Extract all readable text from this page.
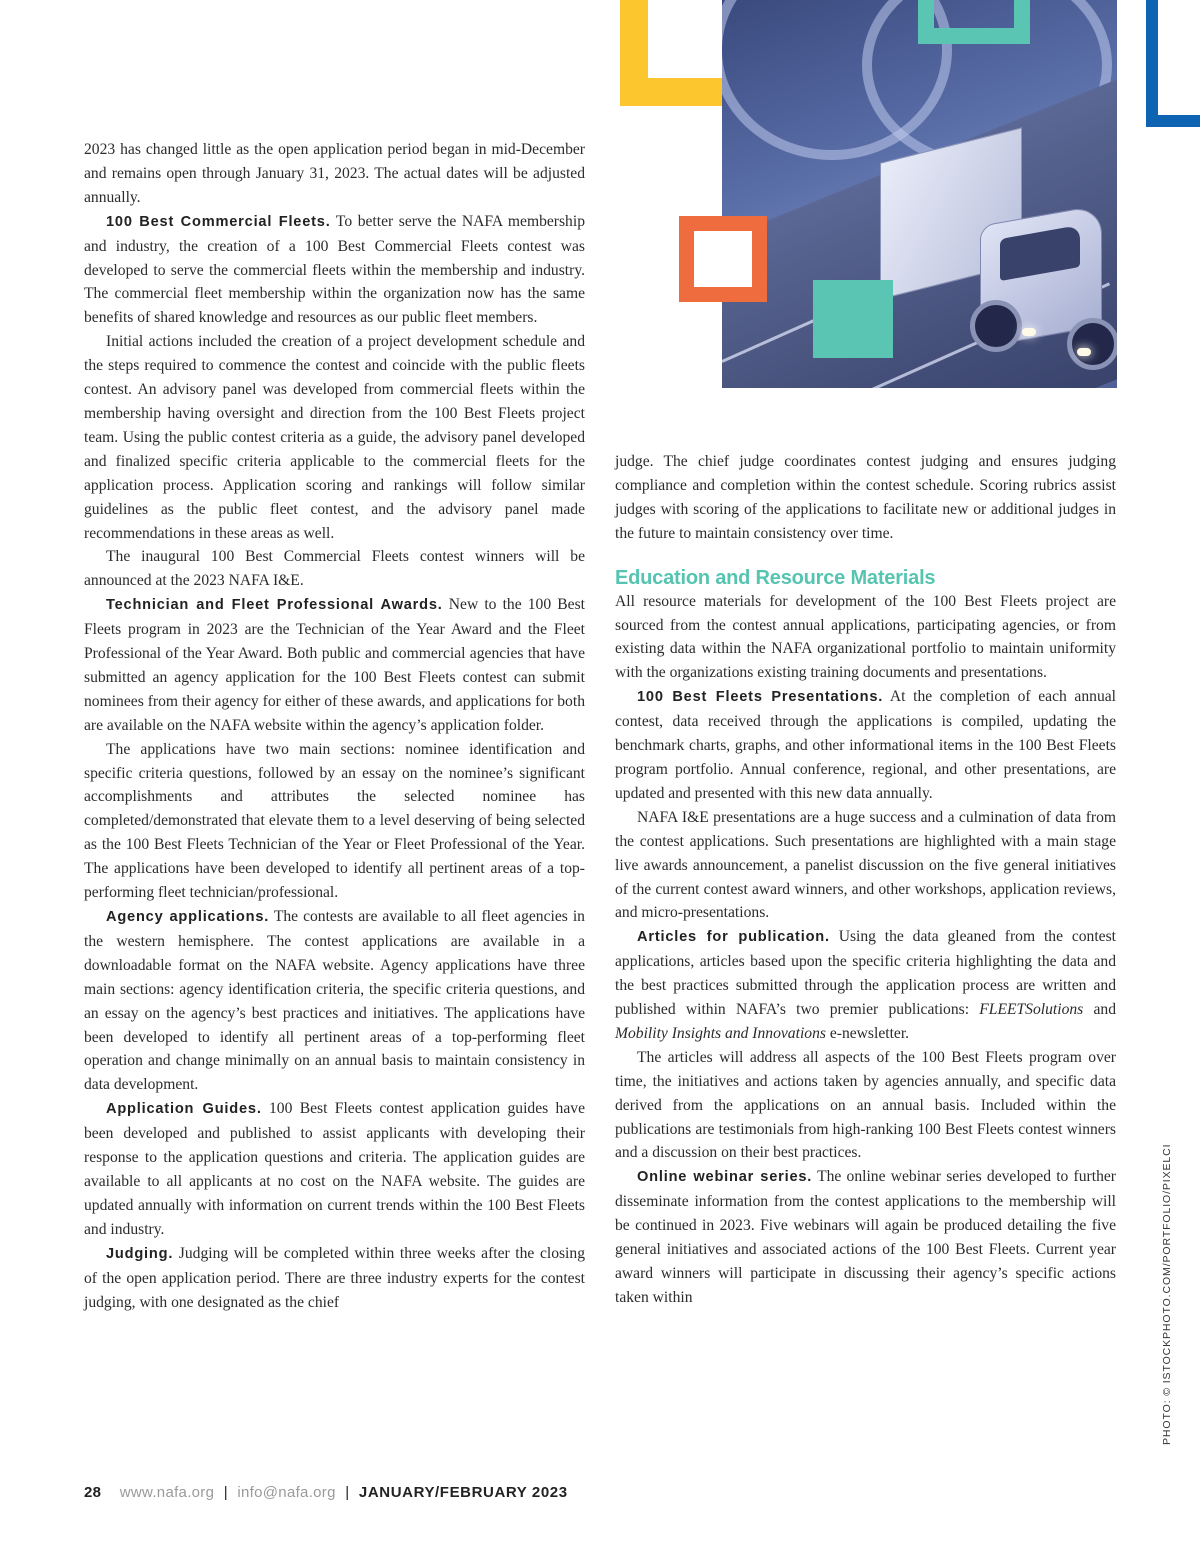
2023 has changed little as the open application period began in mid-December and remains open through January 31, 2023. The actual dates will be adjusted annually.

100 Best Commercial Fleets. To better serve the NAFA membership and industry, the creation of a 100 Best Commercial Fleets contest was developed to serve the commercial fleets within the membership and industry. The commercial fleet membership within the organization now has the same benefits of shared knowledge and resources as our public fleet members.

Initial actions included the creation of a project development schedule and the steps required to commence the contest and coincide with the public fleets contest. An advisory panel was developed from commercial fleets within the membership having oversight and direction from the 100 Best Fleets project team. Using the public contest criteria as a guide, the advisory panel developed and finalized specific criteria applicable to the commercial fleets for the application process. Application scoring and rankings will follow similar guidelines as the public fleet contest, and the advisory panel made recommendations in these areas as well.

The inaugural 100 Best Commercial Fleets contest winners will be announced at the 2023 NAFA I&E.

Technician and Fleet Professional Awards. New to the 100 Best Fleets program in 2023 are the Technician of the Year Award and the Fleet Professional of the Year Award. Both public and commercial agencies that have submitted an agency application for the 100 Best Fleets contest can submit nominees from their agency for either of these awards, and applications for both are available on the NAFA website within the agency’s application folder.

The applications have two main sections: nominee identification and specific criteria questions, followed by an essay on the nominee’s significant accomplishments and attributes the selected nominee has completed/demonstrated that elevate them to a level deserving of being selected as the 100 Best Fleets Technician of the Year or Fleet Professional of the Year. The applications have been developed to identify all pertinent areas of a top-performing fleet technician/professional.

Agency applications. The contests are available to all fleet agencies in the western hemisphere. The contest applications are available in a downloadable format on the NAFA website. Agency applications have three main sections: agency identification criteria, the specific criteria questions, and an essay on the agency’s best practices and initiatives. The applications have been developed to identify all pertinent areas of a top-performing fleet operation and change minimally on an annual basis to maintain consistency in data development.

Application Guides. 100 Best Fleets contest application guides have been developed and published to assist applicants with developing their response to the application questions and criteria. The application guides are available to all applicants at no cost on the NAFA website. The guides are updated annually with information on current trends within the 100 Best Fleets and industry.

Judging. Judging will be completed within three weeks after the closing of the open application period. There are three industry experts for the contest judging, with one designated as the chief

judge. The chief judge coordinates contest judging and ensures judging compliance and completion within the contest schedule. Scoring rubrics assist judges with scoring of the applications to facilitate new or additional judges in the future to maintain consistency over time.

Education and Resource Materials

All resource materials for development of the 100 Best Fleets project are sourced from the contest annual applications, participating agencies, or from existing data within the NAFA organizational portfolio to maintain uniformity with the organizations existing training documents and presentations.

100 Best Fleets Presentations. At the completion of each annual contest, data received through the applications is compiled, updating the benchmark charts, graphs, and other informational items in the 100 Best Fleets program portfolio. Annual conference, regional, and other presentations, are updated and presented with this new data annually.

NAFA I&E presentations are a huge success and a culmination of data from the contest applications. Such presentations are highlighted with a main stage live awards announcement, a panelist discussion on the five general initiatives of the current contest award winners, and other workshops, application reviews, and micro-presentations.

Articles for publication. Using the data gleaned from the contest applications, articles based upon the specific criteria highlighting the data and the best practices submitted through the application process are written and published within NAFA’s two premier publications: FLEETSolutions and Mobility Insights and Innovations e-newsletter.

The articles will address all aspects of the 100 Best Fleets program over time, the initiatives and actions taken by agencies annually, and specific data derived from the applications on an annual basis. Included within the publications are testimonials from high-ranking 100 Best Fleets contest winners and a discussion on their best practices.

Online webinar series. The online webinar series developed to further disseminate information from the contest applications to the membership will be continued in 2023. Five webinars will again be produced detailing the five general initiatives and associated actions of the 100 Best Fleets. Current year award winners will participate in discussing their agency’s specific actions taken within	PHOTO: © ISTOCKPHOTO.COM/PORTFOLIO/PIXELCI
28 www.nafa.org | info@nafa.org | JANUARY/FEBRUARY 2023
